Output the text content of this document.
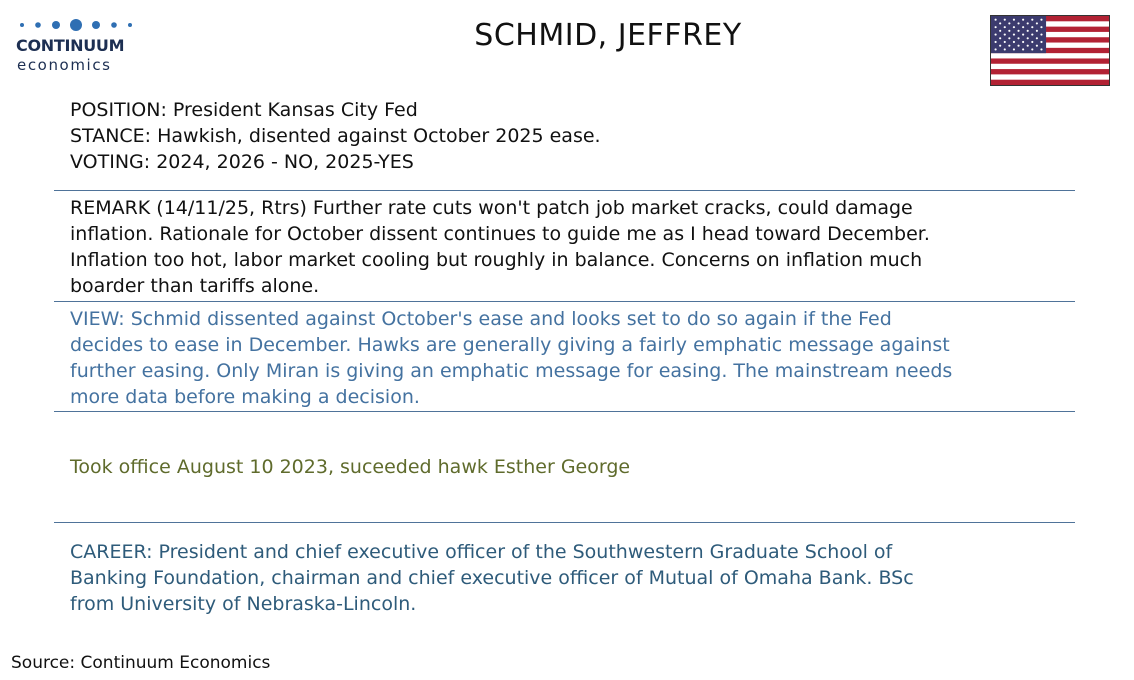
CONTINUUM
economics
SCHMID, JEFFREY
POSITION: President Kansas City Fed
STANCE: Hawkish, disented against October 2025 ease.
VOTING: 2024, 2026 - NO, 2025-YES
REMARK (14/11/25, Rtrs) Further rate cuts won't patch job market cracks, could damage
inflation. Rationale for October dissent continues to guide me as I head toward December.
Inflation too hot, labor market cooling but roughly in balance. Concerns on inflation much
boarder than tariffs alone.
VIEW: Schmid dissented against October's ease and looks set to do so again if the Fed
decides to ease in December. Hawks are generally giving a fairly emphatic message against
further easing. Only Miran is giving an emphatic message for easing. The mainstream needs
more data before making a decision.
Took office August 10 2023, suceeded hawk Esther George
CAREER: President and chief executive officer of the Southwestern Graduate School of
Banking Foundation, chairman and chief executive officer of Mutual of Omaha Bank. BSc
from University of Nebraska-Lincoln.
Source: Continuum Economics
